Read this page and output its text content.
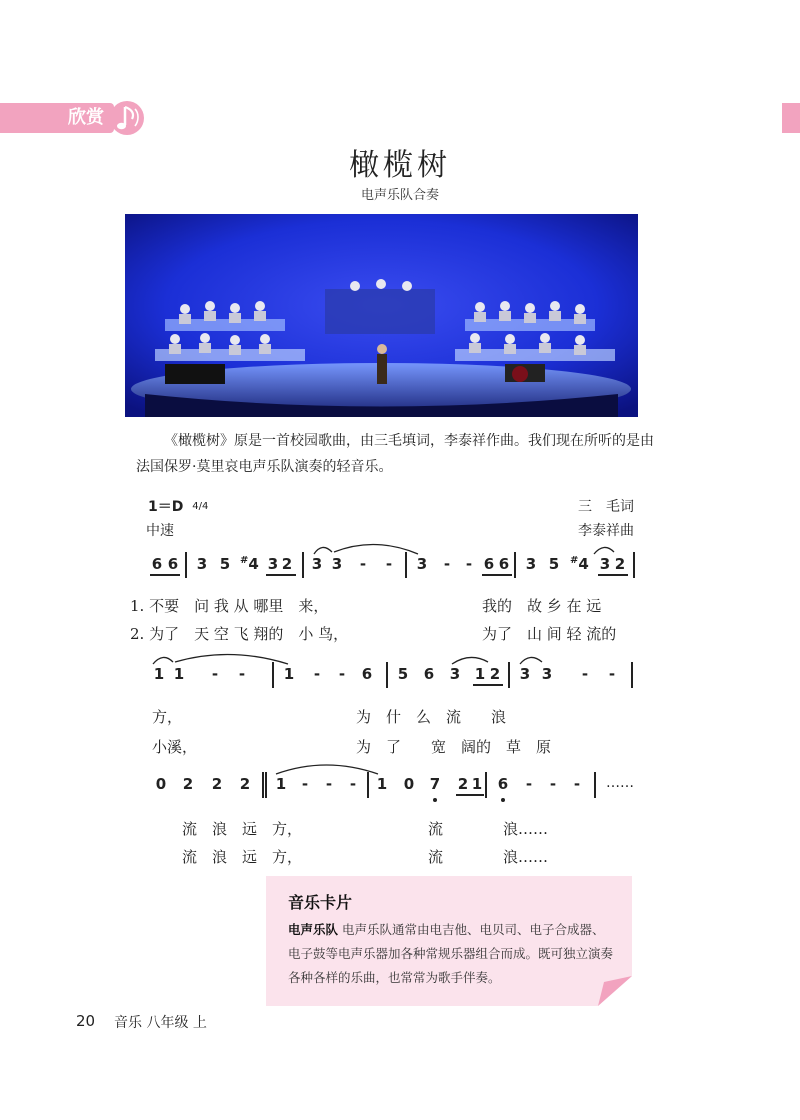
欣赏
橄榄树
电声乐队合奏
《橄榄树》原是一首校园歌曲，由三毛填词，李泰祥作曲。我们现在所听的是由法国保罗·莫里哀电声乐队演奏的轻音乐。
1＝D 4/4
中速
三　毛词
李泰祥曲
6 6 3 5 #4 3 2 3 3 - - 3 - - 6 6 3 5 #4 3 2
1. 不要　问 我 从 哪里　来，	我的　故 乡 在 远
2. 为了　天 空 飞 翔的　小 鸟，	为了　山 间 轻 流的
1 1 - -	1 - - 6 5 6 3 1 2 3 3 - -
方，	为　什　么　流　　浪
小溪，	为　了　　宽　阔的　草　原
0 2 2 2 1 - - - 1 0 7 2 1 6 - - - ……
流　浪　远　方，	流　　　　浪……
流　浪　远　方，	流　　　　浪……
音乐卡片
电声乐队 电声乐队通常由电吉他、电贝司、电子合成器、电子鼓等电声乐器加各种常规乐器组合而成。既可独立演奏各种各样的乐曲，也常常为歌手伴奏。
20 音乐 八年级 上
